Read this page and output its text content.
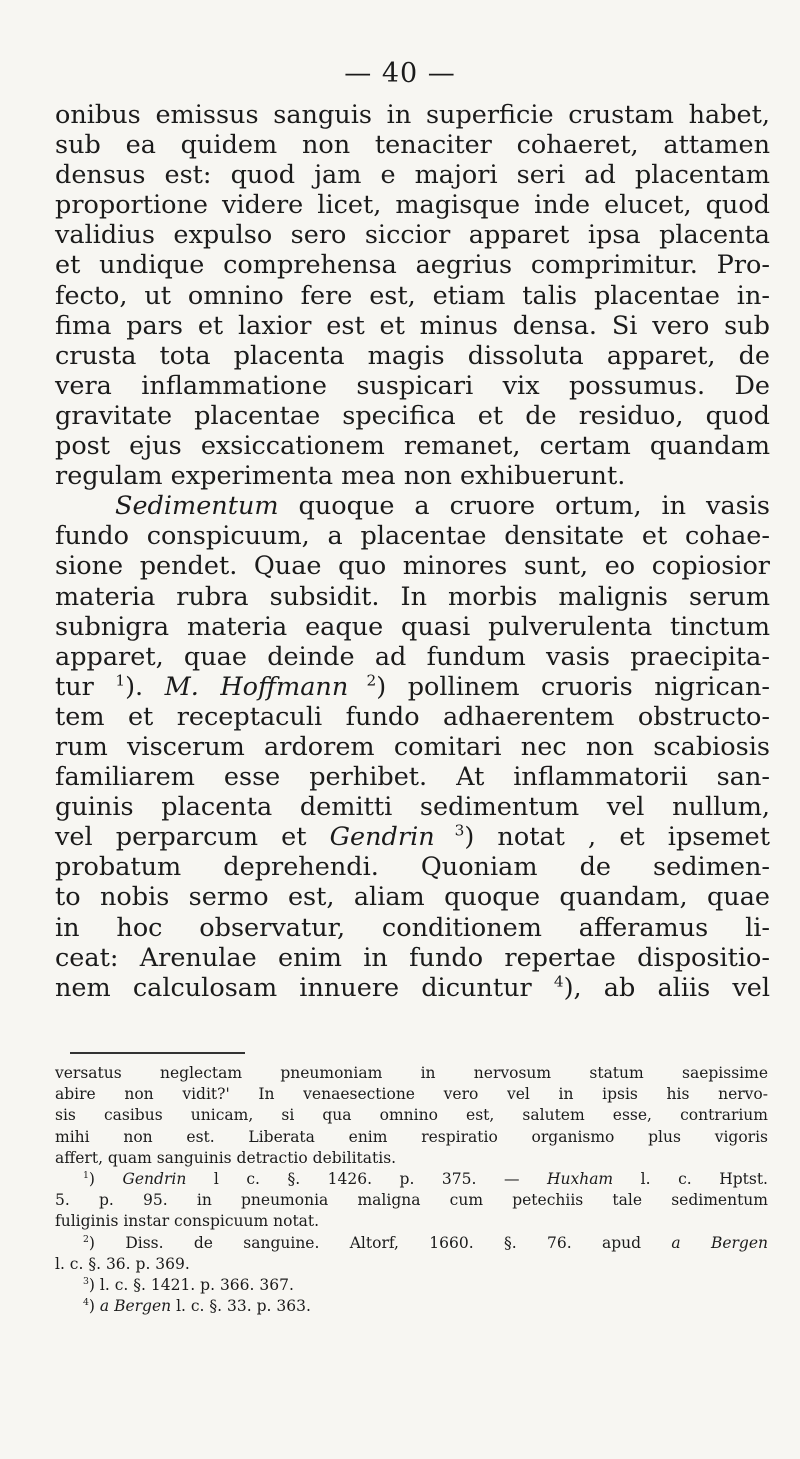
— 40 —
onibus emissus sanguis in superficie crustam habet,
sub ea quidem non tenaciter cohaeret, attamen
densus est: quod jam e majori seri ad placentam
proportione videre licet, magisque inde elucet, quod
validius expulso sero siccior apparet ipsa placenta
et undique comprehensa aegrius comprimitur. Pro-
fecto, ut omnino fere est, etiam talis placentae in-
fima pars et laxior est et minus densa. Si vero sub
crusta tota placenta magis dissoluta apparet, de
vera inflammatione suspicari vix possumus. De
gravitate placentae specifica et de residuo, quod
post ejus exsiccationem remanet, certam quandam
regulam experimenta mea non exhibuerunt.
Sedimentum quoque a cruore ortum, in vasis
fundo conspicuum, a placentae densitate et cohae-
sione pendet. Quae quo minores sunt, eo copiosior
materia rubra subsidit. In morbis malignis serum
subnigra materia eaque quasi pulverulenta tinctum
apparet, quae deinde ad fundum vasis praecipita-
tur $^1$). M. Hoffmann $^2$) pollinem cruoris nigrican-
tem et receptaculi fundo adhaerentem obstructo-
rum viscerum ardorem comitari nec non scabiosis
familiarem esse perhibet. At inflammatorii san-
guinis placenta demitti sedimentum vel nullum,
vel perparcum et Gendrin $^3$) notat , et ipsemet
probatum deprehendi. Quoniam de sedimen-
to nobis sermo est, aliam quoque quandam, quae
in hoc observatur, conditionem afferamus li-
ceat: Arenulae enim in fundo repertae dispositio-
nem calculosam innuere dicuntur $^4$), ab aliis vel
versatus neglectam pneumoniam in nervosum statum saepissime
abire non vidit?' In venaesectione vero vel in ipsis his nervo-
sis casibus unicam, si qua omnino est, salutem esse, contrarium
mihi non est. Liberata enim respiratio organismo plus vigoris
affert, quam sanguinis detractio debilitatis.
$^1$) Gendrin l c. §. 1426. p. 375. — Huxham l. c. Hptst.
5. p. 95. in pneumonia maligna cum petechiis tale sedimentum
fuliginis instar conspicuum notat.
$^2$) Diss. de sanguine. Altorf, 1660. §. 76. apud a Bergen
l. c. §. 36. p. 369.
$^3$) l. c. §. 1421. p. 366. 367.
$^4$) a Bergen l. c. §. 33. p. 363.
